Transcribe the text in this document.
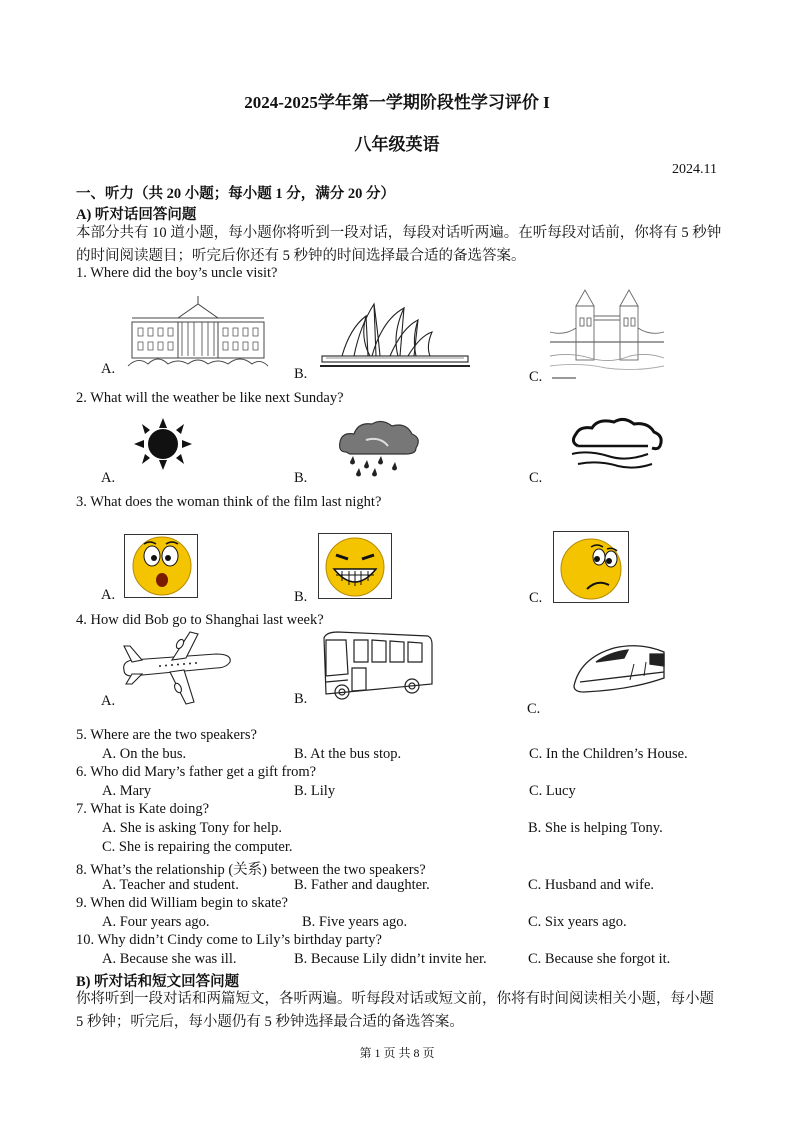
2024-2025学年第一学期阶段性学习评价 I
八年级英语
2024.11
一、听力（共 20 小题；每小题 1 分，满分 20 分）
A) 听对话回答问题
本部分共有 10 道小题，每小题你将听到一段对话，每段对话听两遍。在听每段对话前，你将有 5 秒钟的时间阅读题目；听完后你还有 5 秒钟的时间选择最合适的备选答案。
1. Where did the boy’s uncle visit?
A.	B.	C.
2. What will the weather be like next Sunday?
A.	B.	C.
3. What does the woman think of the film last night?
A.	B.	C.
4. How did Bob go to Shanghai last week?
A.	B.
C.
5. Where are the two speakers?
A. On the bus.	B. At the bus stop.	C. In the Children’s House.
6. Who did Mary’s father get a gift from?
A. Mary	B. Lily	C. Lucy
7. What is Kate doing?
A. She is asking Tony for help.	B. She is helping Tony.
C. She is repairing the computer.
8. What’s the relationship (关系) between the two speakers?
A. Teacher and student.	B. Father and daughter.	C. Husband and wife.
9. When did William begin to skate?
A. Four years ago.	B. Five years ago.	C. Six years ago.
10. Why didn’t Cindy come to Lily’s birthday party?
A. Because she was ill.	B. Because Lily didn’t invite her.	C. Because she forgot it.
B) 听对话和短文回答问题
你将听到一段对话和两篇短文，各听两遍。听每段对话或短文前，你将有时间阅读相关小题，每小题 5 秒钟；听完后，每小题仍有 5 秒钟选择最合适的备选答案。
第 1 页 共 8 页
